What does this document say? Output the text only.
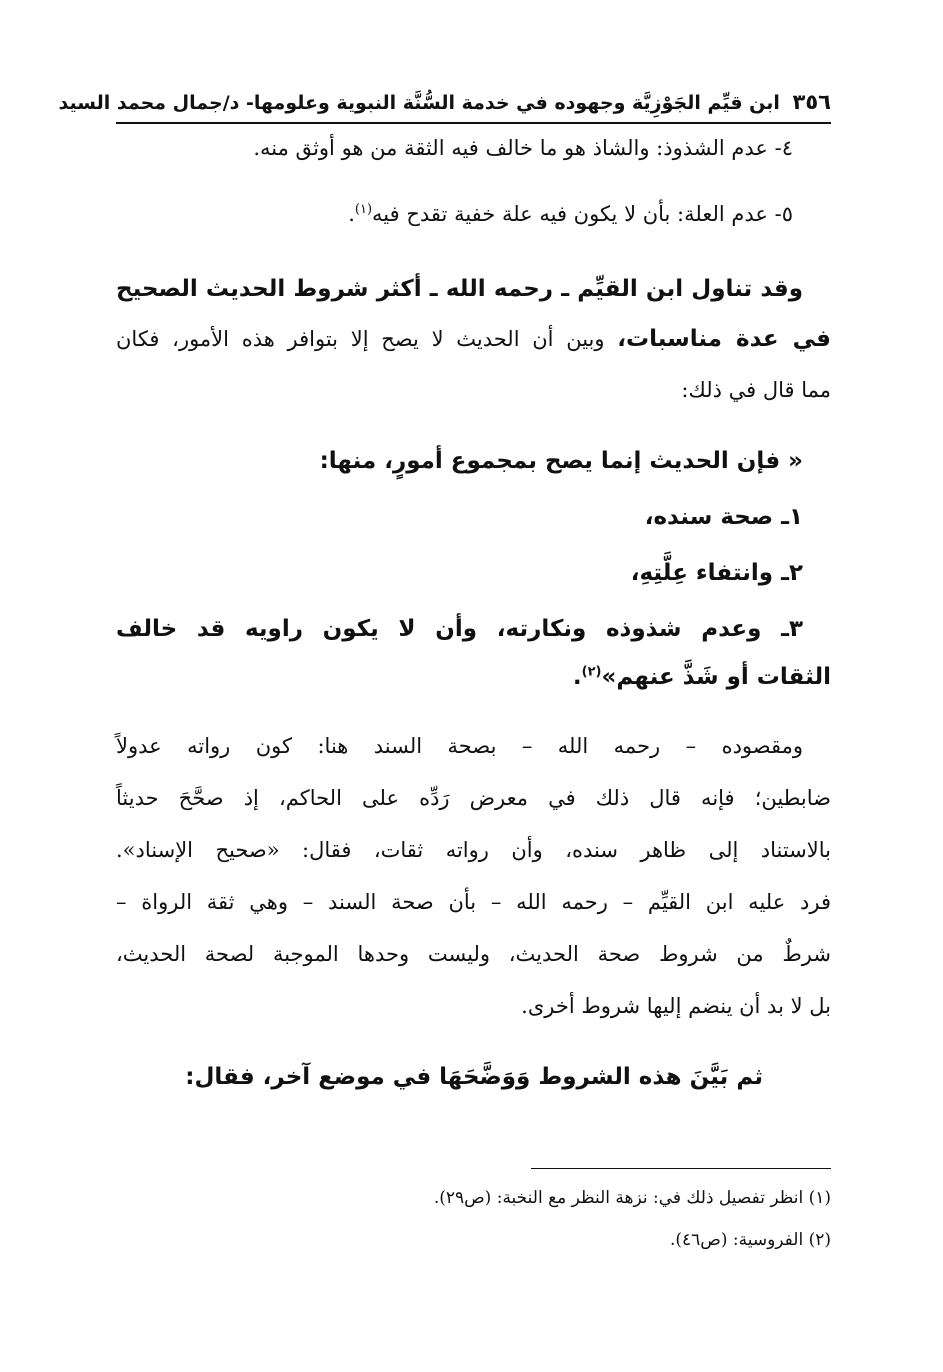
٣٥٦ ابن قيِّم الجَوْزِيَّة وجهوده في خدمة السُّنَّة النبوية وعلومها- د/جمال محمد السيد
٤- عدم الشذوذ: والشاذ هو ما خالف فيه الثقة من هو أوثق منه.
٥- عدم العلة: بأن لا يكون فيه علة خفية تقدح فيه$^{(١)}$.
وقد تناول ابن القيِّم ـ رحمه الله ـ أكثر شروط الحديث الصحيح
في عدة مناسبات، وبين أن الحديث لا يصح إلا بتوافر هذه الأمور، فكان
مما قال في ذلك:
« فإن الحديث إنما يصح بمجموع أمورٍ، منها:
١ـ صحة سنده،
٢ـ وانتفاء عِلَّتِهِ،
٣ـ وعدم شذوذه ونكارته، وأن لا يكون راويه قد خالف
الثقات أو شَذَّ عنهم»$^{(٢)}$.
ومقصوده – رحمه الله – بصحة السند هنا: كون رواته عدولاً
ضابطين؛ فإنه قال ذلك في معرض رَدِّه على الحاكم، إذ صحَّحَ حديثاً
بالاستناد إلى ظاهر سنده، وأن رواته ثقات، فقال: «صحيح الإسناد».
فرد عليه ابن القيِّم – رحمه الله – بأن صحة السند – وهي ثقة الرواة –
شرطٌ من شروط صحة الحديث، وليست وحدها الموجبة لصحة الحديث،
بل لا بد أن ينضم إليها شروط أخرى.
ثم بَيَّنَ هذه الشروط وَوَضَّحَهَا في موضع آخر، فقال:
(١) انظر تفصيل ذلك في: نزهة النظر مع النخبة: (ص٢٩).
(٢) الفروسية: (ص٤٦).
